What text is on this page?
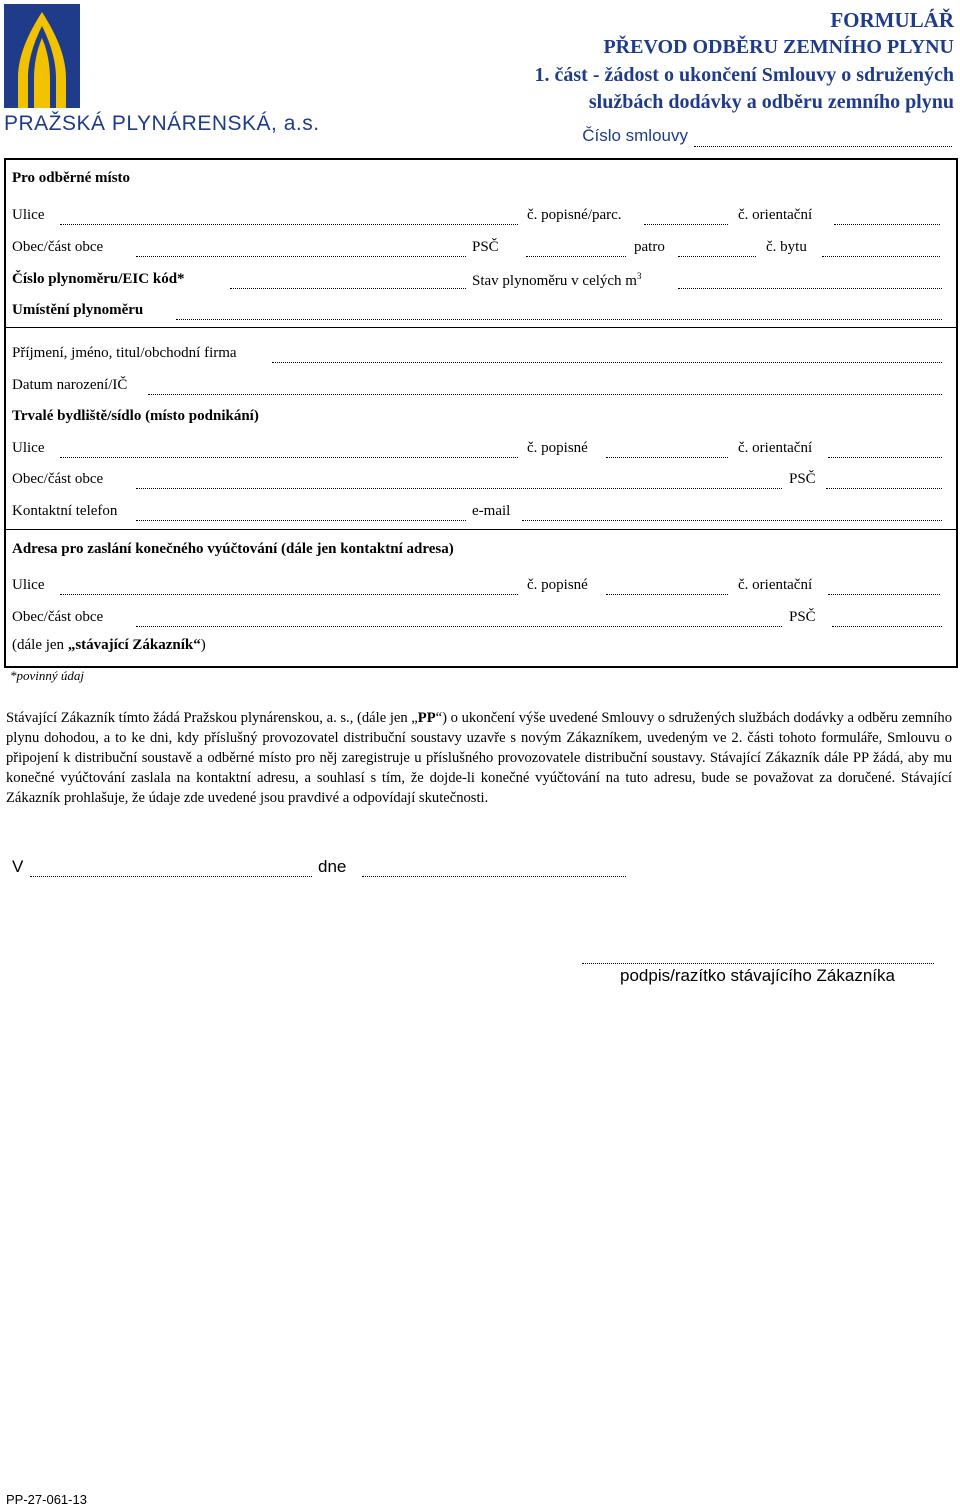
PRAŽSKÁ PLYNÁRENSKÁ, a.s.
FORMULÁŘ
PŘEVOD ODBĚRU ZEMNÍHO PLYNU
1. část - žádost o ukončení Smlouvy o sdružených
službách dodávky a odběru zemního plynu
Číslo smlouvy
Pro odběrné místo
Ulice	č. popisné/parc.	č. orientační
Obec/část obce	PSČ	patro	č. bytu
Číslo plynoměru/EIC kód*	Stav plynoměru v celých $m^3$
Umístění plynoměru
Příjmení, jméno, titul/obchodní firma
Datum narození/IČ
Trvalé bydliště/sídlo (místo podnikání)
Ulice	č. popisné	č. orientační
Obec/část obce	PSČ
Kontaktní telefon	e-mail
Adresa pro zaslání konečného vyúčtování (dále jen kontaktní adresa)
Ulice	č. popisné	č. orientační
Obec/část obce	PSČ
(dále jen „stávající Zákazník“)
*povinný údaj
Stávající Zákazník tímto žádá Pražskou plynárenskou, a. s., (dále jen „PP“) o ukončení výše uvedené Smlouvy o sdružených službách dodávky a odběru zemního plynu dohodou, a to ke dni, kdy příslušný provozovatel distribuční soustavy uzavře s novým Zákazníkem, uvedeným ve 2. části tohoto formuláře, Smlouvu o připojení k distribuční soustavě a odběrné místo pro něj zaregistruje u příslušného provozovatele distribuční soustavy. Stávající Zákazník dále PP žádá, aby mu konečné vyúčtování zaslala na kontaktní adresu, a souhlasí s tím, že dojde-li konečné vyúčtování na tuto adresu, bude se považovat za doručené. Stávající Zákazník prohlašuje, že údaje zde uvedené jsou pravdivé a odpovídají skutečnosti.
V	dne
podpis/razítko stávajícího Zákazníka
PP-27-061-13
